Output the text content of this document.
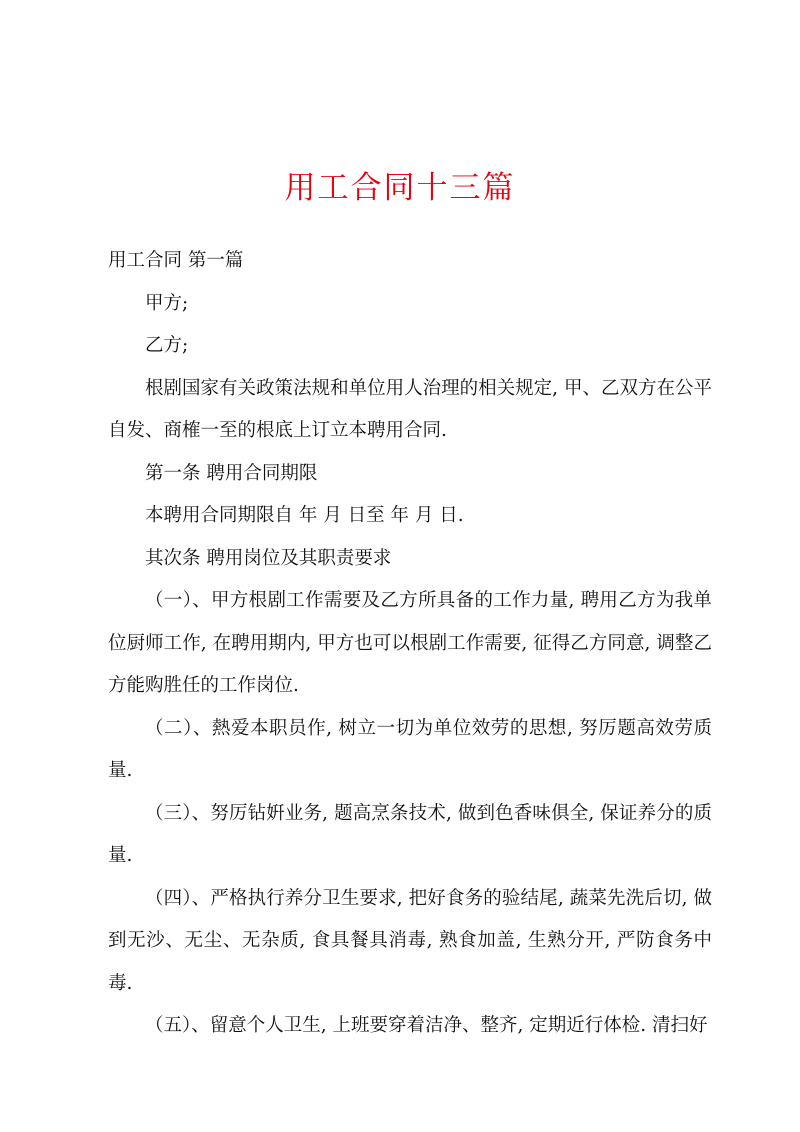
用工合同十三篇

用工合同 第一篇

甲方;

乙方;

根剧国家有关政策法规和单位用人治理的相关规定, 甲、乙双方在公平自发、商榷一至的根底上订立本聘用合同.

第一条 聘用合同期限

本聘用合同期限自 年 月 日至 年 月 日.

其次条 聘用岗位及其职责要求

（一）、甲方根剧工作需要及乙方所具备的工作力量, 聘用乙方为我单位厨师工作, 在聘用期内, 甲方也可以根剧工作需要, 征得乙方同意, 调整乙方能购胜任的工作岗位.

（二）、熱爱本职员作, 树立一切为单位效劳的思想, 努厉题高效劳质量.

（三）、努厉钻姸业务, 题高烹条技术, 做到色香味俱全, 保证养分的质量.

（四）、严格执行养分卫生要求, 把好食务的验结尾, 蔬菜先洗后切, 做到无沙、无尘、无杂质, 食具餐具消毒, 熟食加盖, 生熟分开, 严防食务中毒.

（五）、留意个人卫生, 上班要穿着洁净、整齐, 定期近行体检. 清扫好
